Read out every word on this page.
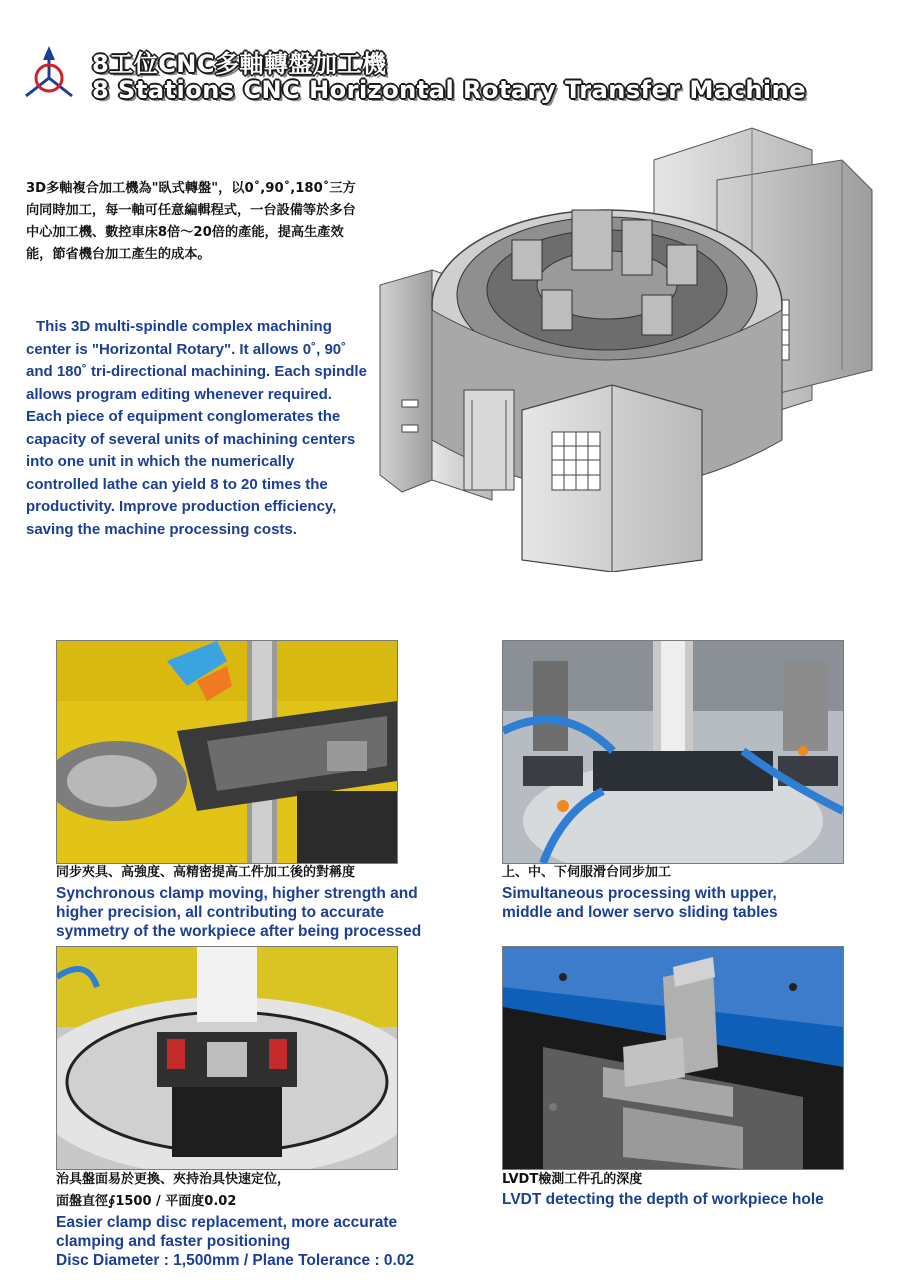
8工位CNC多軸轉盤加工機
8 Stations CNC Horizontal Rotary Transfer Machine

3D多軸複合加工機為"臥式轉盤"，以0˚,90˚,180˚三方向同時加工，每一軸可任意編輯程式，一台設備等於多台中心加工機、數控車床8倍～20倍的產能，提高生產效能，節省機台加工產生的成本。

This 3D multi-spindle complex machining center is "Horizontal Rotary". It allows 0˚, 90˚ and 180˚ tri-directional machining. Each spindle allows program editing whenever required. Each piece of equipment conglomerates the capacity of several units of machining centers into one unit in which the numerically controlled lathe can yield 8 to 20 times the productivity. Improve production efficiency, saving the machine processing costs.

同步夾具、高強度、高精密提高工件加工後的對稱度

Synchronous clamp moving, higher strength and

higher precision, all contributing to accurate

symmetry of the workpiece after being processed

上、中、下伺服滑台同步加工

Simultaneous processing with upper,

middle and lower servo sliding tables

治具盤面易於更換、夾持治具快速定位，

面盤直徑∮1500 / 平面度0.02

Easier clamp disc replacement, more accurate

clamping and faster positioning

Disc Diameter : 1,500mm / Plane Tolerance : 0.02

LVDT檢測工件孔的深度

LVDT detecting the depth of workpiece hole
